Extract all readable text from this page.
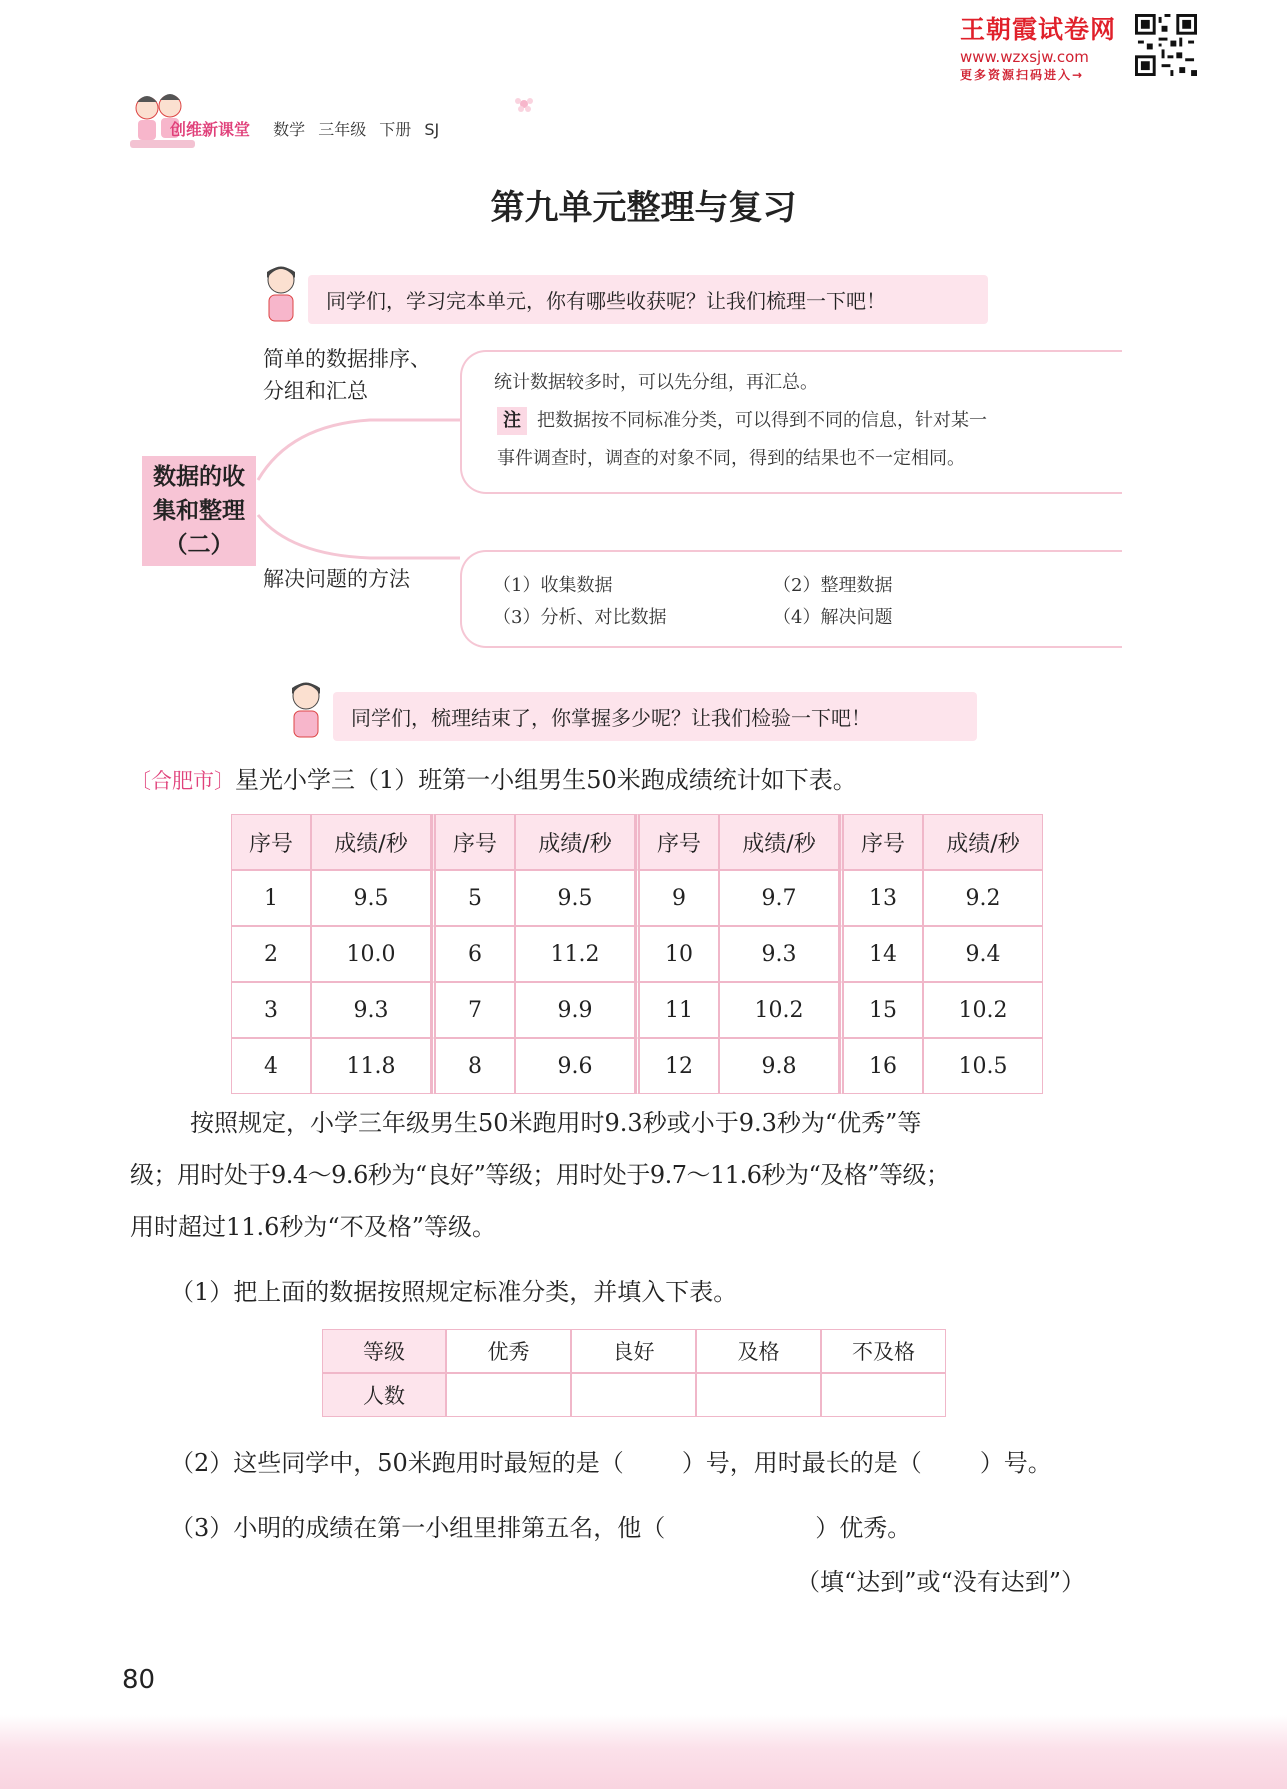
王朝霞试卷网
www.wzxsjw.com
更多资源扫码进入→
创维新课堂 数学 三年级 下册 SJ
第九单元整理与复习
同学们，学习完本单元，你有哪些收获呢？让我们梳理一下吧！
数据的收
集和整理
（二）
简单的数据排序、
分组和汇总	统计数据较多时，可以先分组，再汇总。
注 把数据按不同标准分类，可以得到不同的信息，针对某一
事件调查时，调查的对象不同，得到的结果也不一定相同。
解决问题的方法	（1）收集数据	（2）整理数据
（3）分析、对比数据	（4）解决问题
同学们，梳理结束了，你掌握多少呢？让我们检验一下吧！
〔合肥市〕星光小学三（1）班第一小组男生50米跑成绩统计如下表。
序号	成绩/秒	序号	成绩/秒	序号	成绩/秒	序号	成绩/秒
1	9.5	5	9.5	9	9.7	13	9.2
2	10.0	6	11.2	10	9.3	14	9.4
3	9.3	7	9.9	11	10.2	15	10.2
4	11.8	8	9.6	12	9.8	16	10.5
按照规定，小学三年级男生50米跑用时9.3秒或小于9.3秒为“优秀”等
级；用时处于9.4～9.6秒为“良好”等级；用时处于9.7～11.6秒为“及格”等级；
用时超过11.6秒为“不及格”等级。
（1）把上面的数据按照规定标准分类，并填入下表。
等级	优秀	良好	及格	不及格
人数				
（2）这些同学中，50米跑用时最短的是（ ）号，用时最长的是（ ）号。
（3）小明的成绩在第一小组里排第五名，他（	）优秀。
（填“达到”或“没有达到”）
80
